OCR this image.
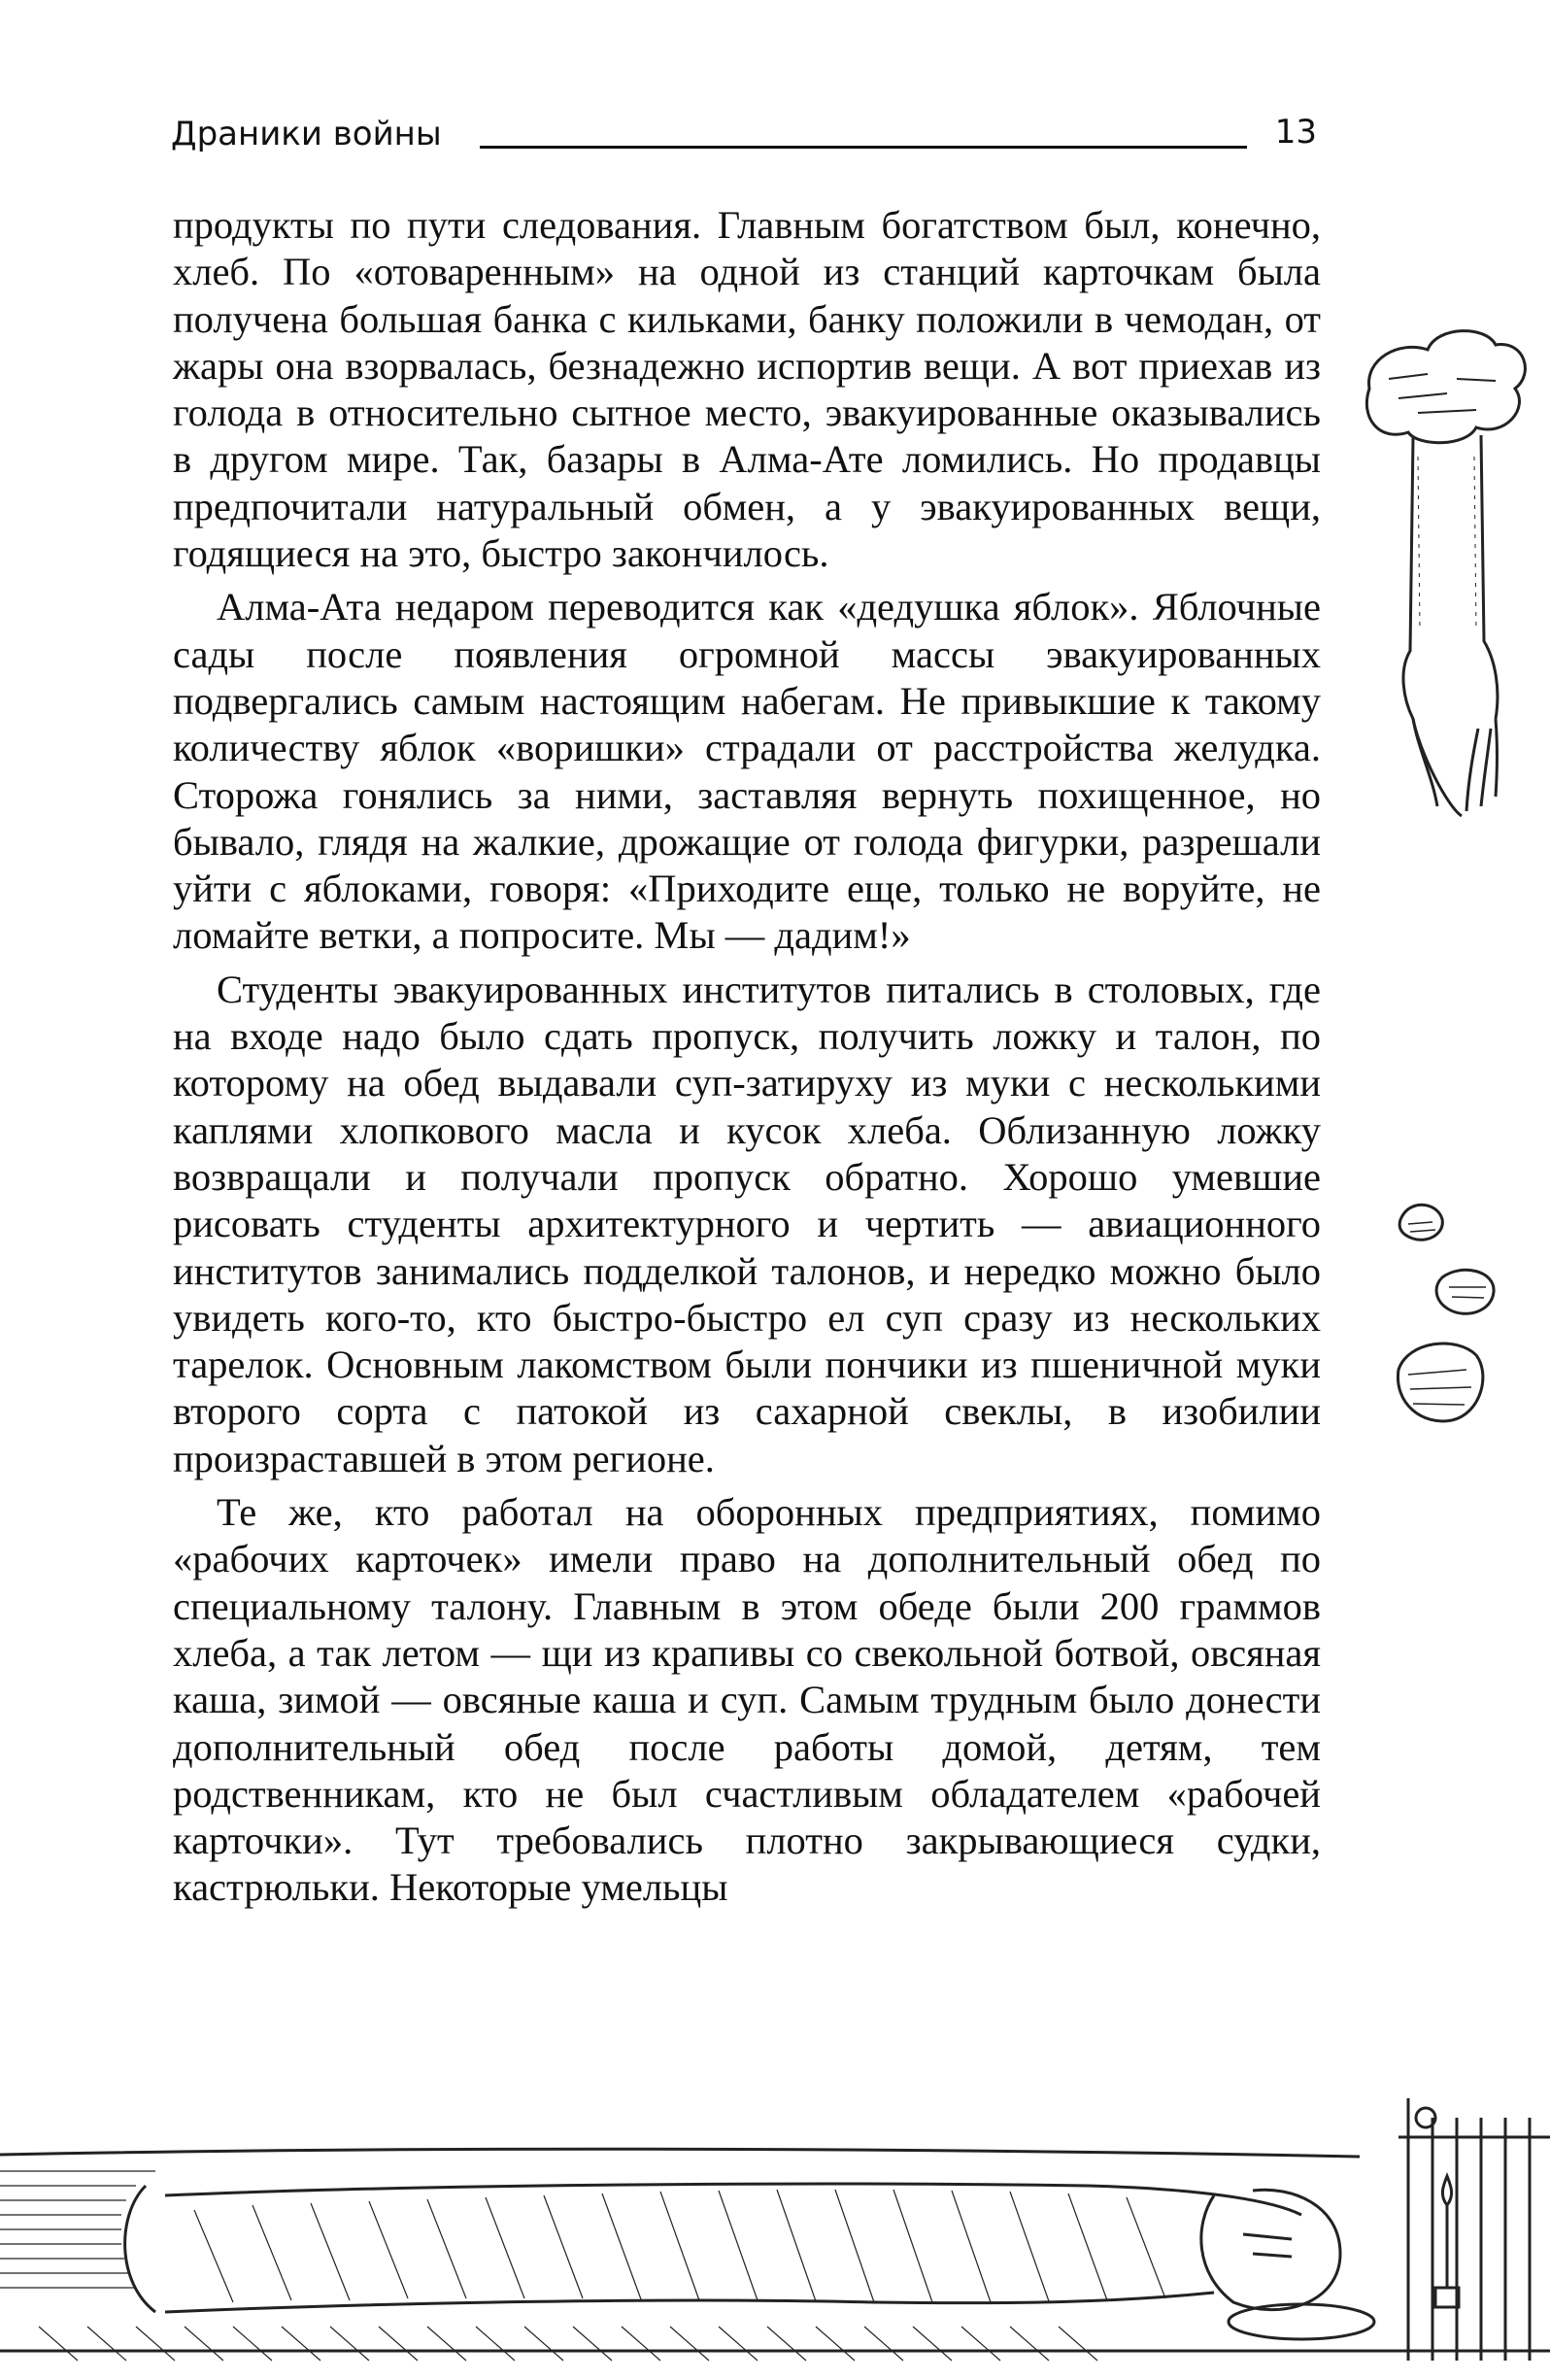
Драники войны	13

продукты по пути следования. Главным богатством был, конечно, хлеб. По «отоваренным» на одной из станций карточкам была получена большая банка с кильками, банку положили в чемодан, от жары она взорвалась, безнадежно испортив вещи. А вот приехав из голода в относительно сытное место, эвакуированные оказывались в другом мире. Так, базары в Алма-Ате ломились. Но продавцы предпочитали натуральный обмен, а у эвакуированных вещи, годящиеся на это, быстро закончилось.

Алма-Ата недаром переводится как «дедушка яблок». Яблочные сады после появления огромной массы эвакуированных подвергались самым настоящим набегам. Не привыкшие к такому количеству яблок «воришки» страдали от расстройства желудка. Сторожа гонялись за ними, заставляя вернуть похищенное, но бывало, глядя на жалкие, дрожащие от голода фигурки, разрешали уйти с яблоками, говоря: «Приходите еще, только не воруйте, не ломайте ветки, а попросите. Мы — дадим!»

Студенты эвакуированных институтов питались в столовых, где на входе надо было сдать пропуск, получить ложку и талон, по которому на обед выдавали суп-затируху из муки с несколькими каплями хлопкового масла и кусок хлеба. Облизанную ложку возвращали и получали пропуск обратно. Хорошо умевшие рисовать студенты архитектурного и чертить — авиационного институтов занимались подделкой талонов, и нередко можно было увидеть кого-то, кто быстро-быстро ел суп сразу из нескольких тарелок. Основным лакомством были пончики из пшеничной муки второго сорта с патокой из сахарной свеклы, в изобилии произраставшей в этом регионе.

Те же, кто работал на оборонных предприятиях, помимо «рабочих карточек» имели право на дополнительный обед по специальному талону. Главным в этом обеде были 200 граммов хлеба, а так летом — щи из крапивы со свекольной ботвой, овсяная каша, зимой — овсяные каша и суп. Самым трудным было донести дополнительный обед после работы домой, детям, тем родственникам, кто не был счастливым обладателем «рабочей карточки». Тут требовались плотно закрывающиеся судки, кастрюльки. Некоторые умельцы
